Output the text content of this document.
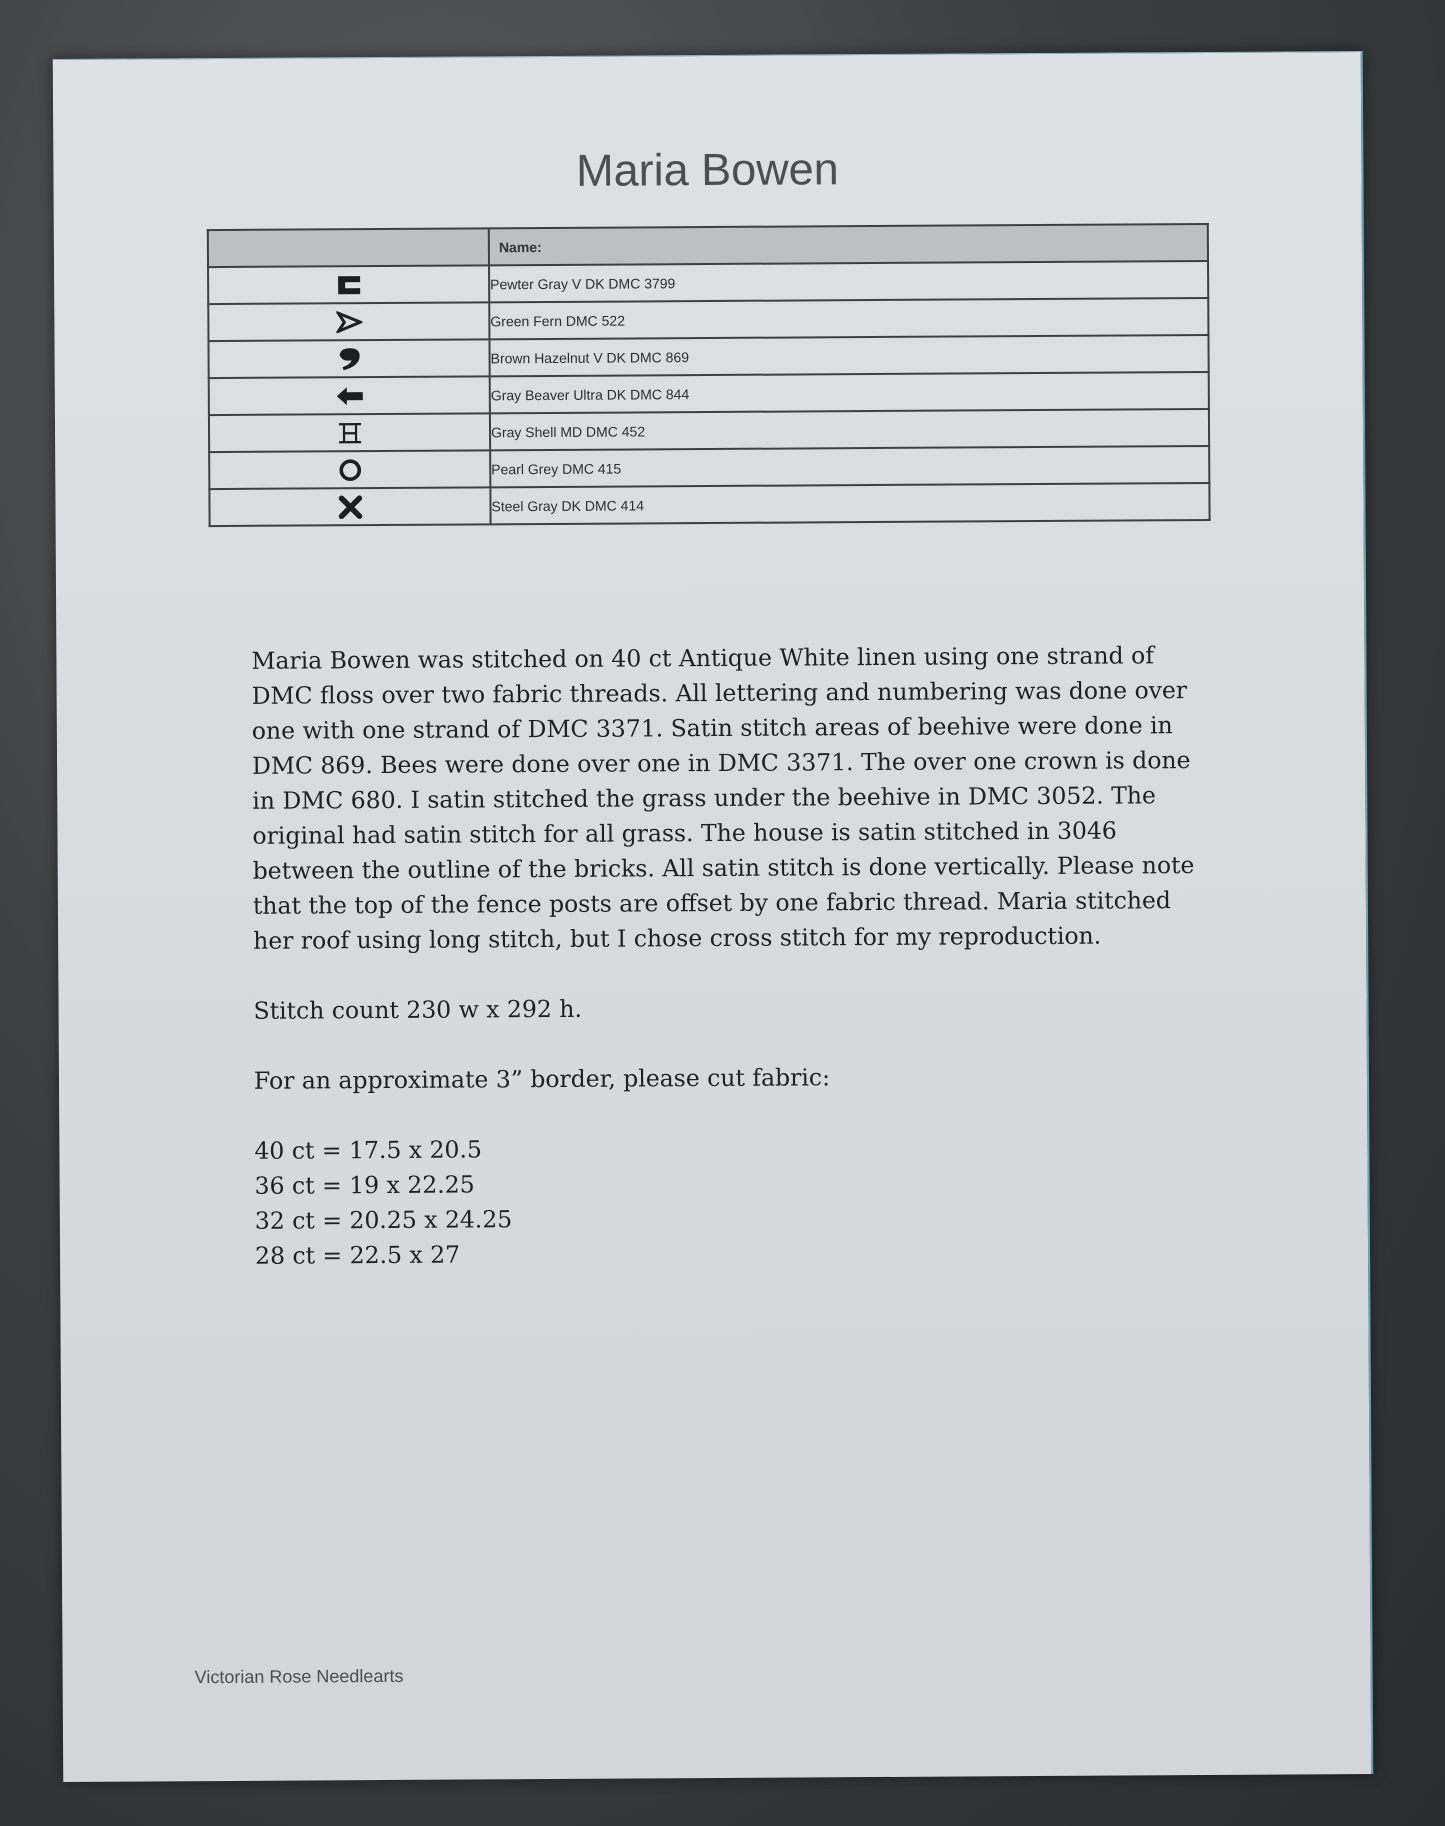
Maria Bowen
	Name:
	Pewter Gray V DK DMC 3799
	Green Fern DMC 522
	Brown Hazelnut V DK DMC 869
	Gray Beaver Ultra DK DMC 844
	Gray Shell MD DMC 452
	Pearl Grey DMC 415
	Steel Gray DK DMC 414

Maria Bowen was stitched on 40 ct Antique White linen using one strand of DMC floss over two fabric threads. All lettering and numbering was done over one with one strand of DMC 3371. Satin stitch areas of beehive were done in DMC 869. Bees were done over one in DMC 3371. The over one crown is done in DMC 680. I satin stitched the grass under the beehive in DMC 3052. The original had satin stitch for all grass. The house is satin stitched in 3046 between the outline of the bricks. All satin stitch is done vertically. Please note that the top of the fence posts are offset by one fabric thread. Maria stitched her roof using long stitch, but I chose cross stitch for my reproduction.

Stitch count 230 w x 292 h.

For an approximate 3” border, please cut fabric:

40 ct = 17.5 x 20.5

36 ct = 19 x 22.25

32 ct = 20.25 x 24.25

28 ct = 22.5 x 27

Victorian Rose Needlearts
